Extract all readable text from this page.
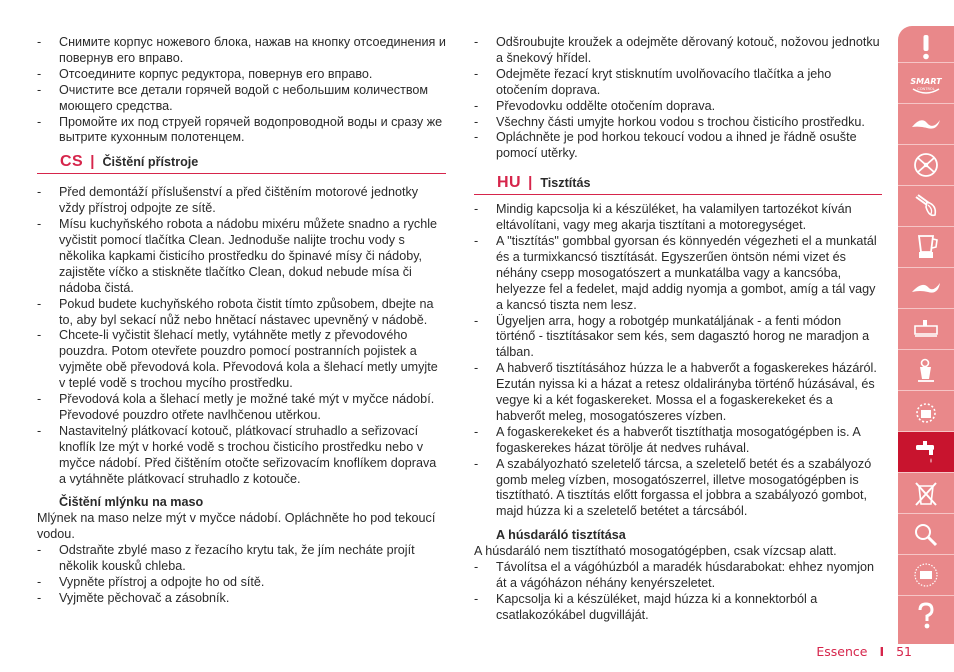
- Снимите корпус ножевого блока, нажав на кнопку отсоединения и повернув его вправо.
- Отсоедините корпус редуктора, повернув его вправо.
- Очистите все детали горячей водой с небольшим количеством моющего средства.
- Промойте их под струей горячей водопроводной воды и сразу же вытрите кухонным полотенцем.
CS | Čištění přístroje
- Před demontáží příslušenství a před čištěním motorové jednotky vždy přístroj odpojte ze sítě.
- Mísu kuchyňského robota a nádobu mixéru můžete snadno a rychle vyčistit pomocí tlačítka Clean. Jednoduše nalijte trochu vody s několika kapkami čisticího prostředku do špinavé mísy či nádoby, zajistěte víčko a stiskněte tlačítko Clean, dokud nebude mísa či nádoba čistá.
- Pokud budete kuchyňského robota čistit tímto způsobem, dbejte na to, aby byl sekací nůž nebo hnětací nástavec upevněný v nádobě.
- Chcete-li vyčistit šlehací metly, vytáhněte metly z převodového pouzdra. Potom otevřete pouzdro pomocí postranních pojistek a vyjměte obě převodová kola. Převodová kola a šlehací metly umyjte v teplé vodě s trochou mycího prostředku.
- Převodová kola a šlehací metly je možné také mýt v myčce nádobí. Převodové pouzdro otřete navlhčenou utěrkou.
- Nastavitelný plátkovací kotouč, plátkovací struhadlo a seřizovací knoflík lze mýt v horké vodě s trochou čisticího prostředku nebo v myčce nádobí. Před čištěním otočte seřizovacím knoflíkem doprava a vytáhněte plátkovací struhadlo z kotouče.
Čištění mlýnku na maso

Mlýnek na maso nelze mýt v myčce nádobí. Opláchněte ho pod tekoucí vodou.

- Odstraňte zbylé maso z řezacího krytu tak, že jím necháte projít několik kousků chleba.
- Vypněte přístroj a odpojte ho od sítě.
- Vyjměte pěchovač a zásobník.
- Odšroubujte kroužek a odejměte děrovaný kotouč, nožovou jednotku a šnekový hřídel.
- Odejměte řezací kryt stisknutím uvolňovacího tlačítka a jeho otočením doprava.
- Převodovku oddělte otočením doprava.
- Všechny části umyjte horkou vodou s trochou čisticího prostředku.
- Opláchněte je pod horkou tekoucí vodou a ihned je řádně osušte pomocí utěrky.
HU | Tisztítás
- Mindig kapcsolja ki a készüléket, ha valamilyen tartozékot kíván eltávolítani, vagy meg akarja tisztítani a motoregységet.
- A "tisztítás" gombbal gyorsan és könnyedén végezheti el a munkatál és a turmixkancsó tisztítását. Egyszerűen öntsön némi vizet és néhány csepp mosogatószert a munkatálba vagy a kancsóba, helyezze fel a fedelet, majd addig nyomja a gombot, amíg a tál vagy a kancsó tiszta nem lesz.
- Ügyeljen arra, hogy a robotgép munkatáljának - a fenti módon történő - tisztításakor sem kés, sem dagasztó horog ne maradjon a tálban.
- A habverő tisztításához húzza le a habverőt a fogaskerekes házáról. Ezután nyissa ki a házat a retesz oldalirányba történő húzásával, és vegye ki a két fogaskereket. Mossa el a fogaskerekeket és a habverőt meleg, mosogatószeres vízben.
- A fogaskerekeket és a habverőt tisztíthatja mosogatógépben is. A fogaskerekes házat törölje át nedves ruhával.
- A szabályozható szeletelő tárcsa, a szeletelő betét és a szabályozó gomb meleg vízben, mosogatószerrel, illetve mosogatógépben is tisztítható. A tisztítás előtt forgassa el jobbra a szabályozó gombot, majd húzza ki a szeletelő betétet a tárcsából.
A húsdaráló tisztítása

A húsdaráló nem tisztítható mosogatógépben, csak vízcsap alatt.

- Távolítsa el a vágóhúzból a maradék húsdarabokat: ehhez nyomjon át a vágóházon néhány kenyérszeletet.
- Kapcsolja ki a készüléket, majd húzza ki a konnektorból a csatlakozókábel dugvilláját.
SMART
CONTROL
Essence I 51
